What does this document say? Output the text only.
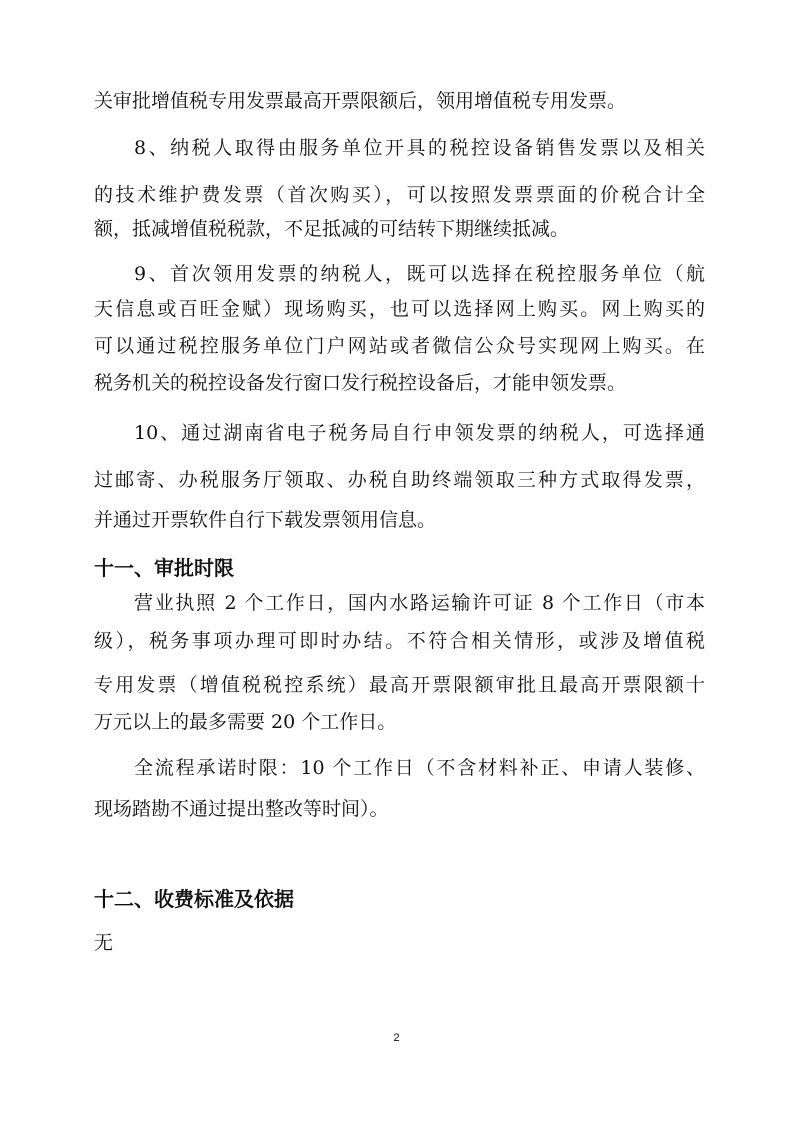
关审批增值税专用发票最高开票限额后，领用增值税专用发票。
8、纳税人取得由服务单位开具的税控设备销售发票以及相关
的技术维护费发票（首次购买），可以按照发票票面的价税合计全
额，抵减增值税税款，不足抵减的可结转下期继续抵减。
9、首次领用发票的纳税人，既可以选择在税控服务单位（航
天信息或百旺金赋）现场购买，也可以选择网上购买。网上购买的
可以通过税控服务单位门户网站或者微信公众号实现网上购买。在
税务机关的税控设备发行窗口发行税控设备后，才能申领发票。
10、通过湖南省电子税务局自行申领发票的纳税人，可选择通
过邮寄、办税服务厅领取、办税自助终端领取三种方式取得发票，
并通过开票软件自行下载发票领用信息。
十一、审批时限
营业执照 2 个工作日，国内水路运输许可证 8 个工作日（市本
级），税务事项办理可即时办结。不符合相关情形，或涉及增值税
专用发票（增值税税控系统）最高开票限额审批且最高开票限额十
万元以上的最多需要 20 个工作日。
全流程承诺时限：10 个工作日（不含材料补正、申请人装修、
现场踏勘不通过提出整改等时间）。
十二、收费标准及依据
无
2
